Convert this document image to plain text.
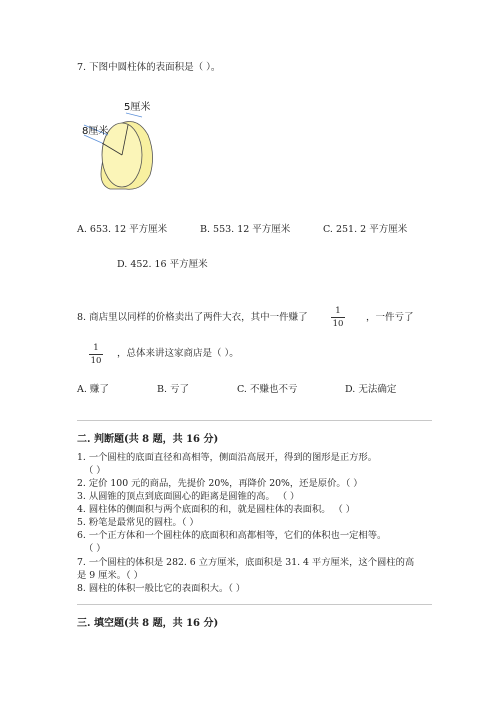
7. 下图中圆柱体的表面积是（ ）。
5厘米
8厘米
A. 653. 12 平方厘米	B. 553. 12 平方厘米	C. 251. 2 平方厘米
D. 452. 16 平方厘米
8. 商店里以同样的价格卖出了两件大衣，其中一件赚了
1
10
，一件亏了
1
10
，总体来讲这家商店是（ ）。
A. 赚了	B. 亏了	C. 不赚也不亏	D. 无法确定
二. 判断题(共 8 题，共 16 分)
1. 一个圆柱的底面直径和高相等，侧面沿高展开，得到的图形是正方形。
（ ）
2. 定价 100 元的商品，先提价 20%，再降价 20%，还是原价。（ ）
3. 从圆锥的顶点到底面圆心的距离是圆锥的高。 （ ）
4. 圆柱体的侧面积与两个底面积的和，就是圆柱体的表面积。 （ ）
5. 粉笔是最常见的圆柱。（ ）
6. 一个正方体和一个圆柱体的底面积和高都相等，它们的体积也一定相等。
（ ）
7. 一个圆柱的体积是 282. 6 立方厘米，底面积是 31. 4 平方厘米，这个圆柱的高
是 9 厘米。（ ）
8. 圆柱的体积一般比它的表面积大。（ ）
三. 填空题(共 8 题，共 16 分)
